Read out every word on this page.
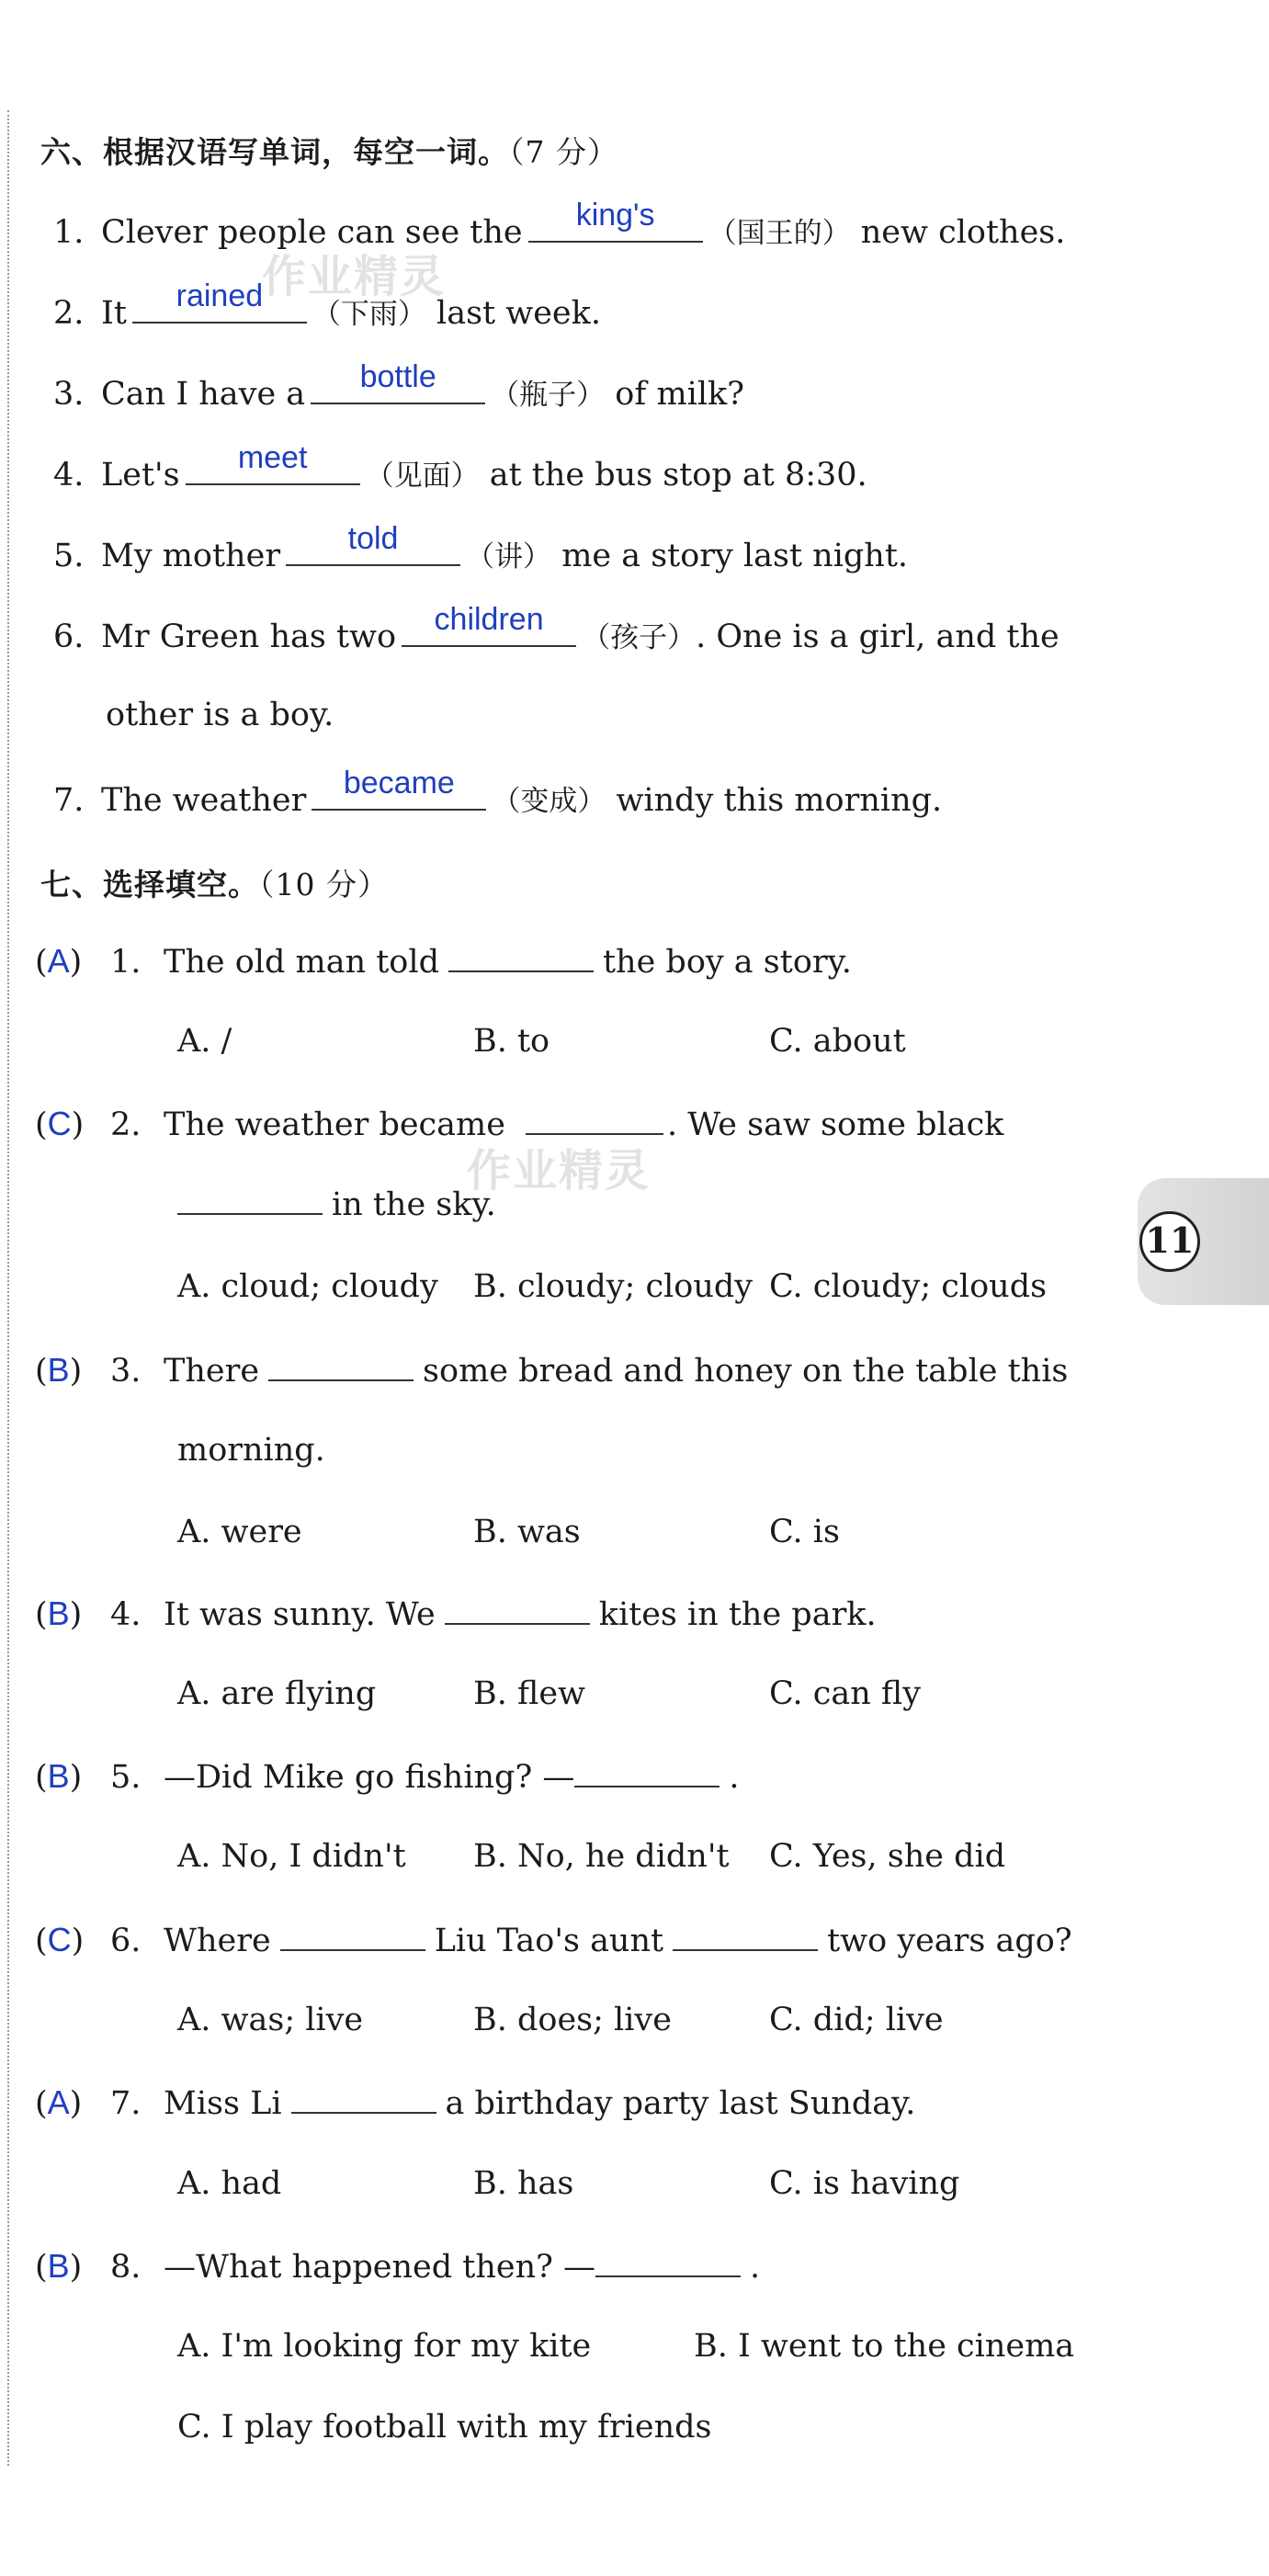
作业精灵
作业精灵
六、根据汉语写单词，每空一词。（7 分）
1. Clever people can see the	king's
（国王的） new clothes.
2. It	rained
（下雨） last week.
3. Can I have a	bottle
（瓶子） of milk?
4. Let's	meet
（见面） at the bus stop at 8:30.
5. My mother	told
（讲） me a story last night.
6. Mr Green has two	children
（孩子）. One is a girl, and the
other is a boy.
7. The weather	became
（变成） windy this morning.
七、选择填空。（10 分）
(A) 1. The old man told	the boy a story.
A. /	B. to	C. about
(C) 2. The weather became	. We saw some black
in the sky.
A. cloud; cloudy B. cloudy; cloudy C. cloudy; clouds
(B) 3. There	some bread and honey on the table this
morning.
A. were	B. was	C. is
(B) 4. It was sunny. We	kites in the park.
A. are flying	B. flew	C. can fly
(B) 5. —Did Mike go fishing? —	.
A. No, I didn't B. No, he didn't C. Yes, she did
(C) 6. Where	Liu Tao's aunt	two years ago?
A. was; live	B. does; live	C. did; live
(A) 7. Miss Li	a birthday party last Sunday.
A. had	B. has	C. is having
(B) 8. —What happened then? —	.
A. I'm looking for my kite	B. I went to the cinema
C. I play football with my friends
11
